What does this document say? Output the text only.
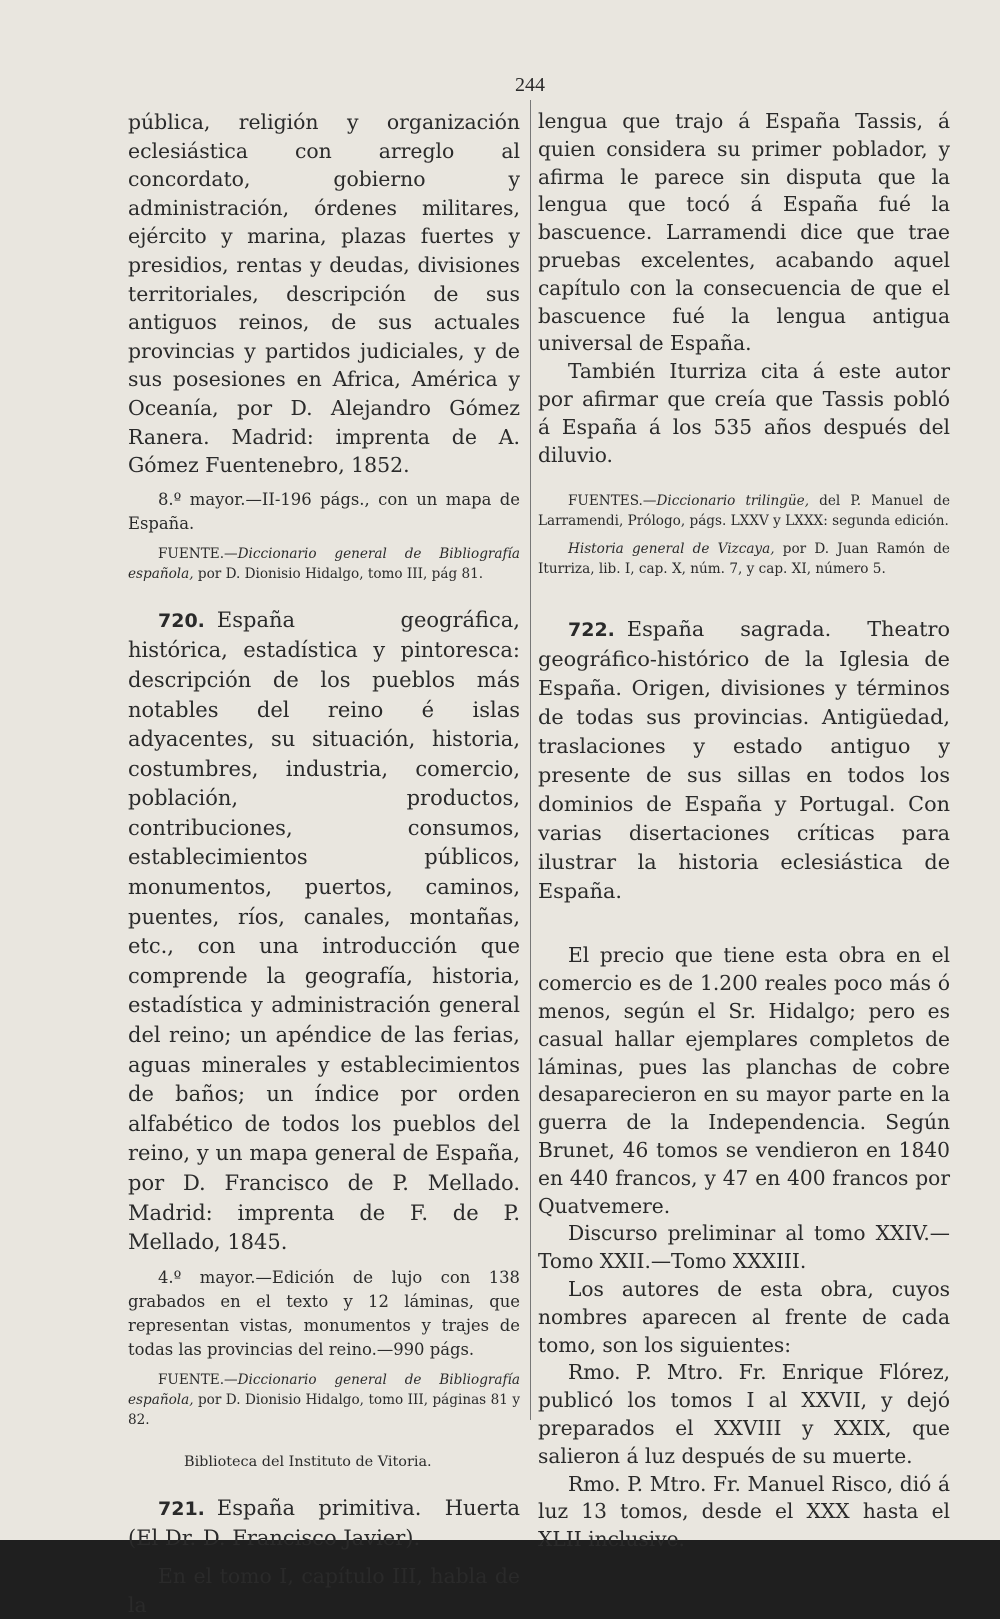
244

pública, religión y organización eclesiástica con arreglo al concordato, gobierno y administración, órdenes militares, ejército y marina, plazas fuertes y presidios, rentas y deudas, divisiones territoriales, descripción de sus antiguos reinos, de sus actuales provincias y partidos judiciales, y de sus posesiones en Africa, América y Oceanía, por D. Alejandro Gómez Ranera. Madrid: imprenta de A. Gómez Fuentenebro, 1852.

8.º mayor.—II-196 págs., con un mapa de España.

FUENTE.—Diccionario general de Bibliografía española, por D. Dionisio Hidalgo, tomo III, pág 81.

720. España geográfica, histórica, estadística y pintoresca: descripción de los pueblos más notables del reino é islas adyacentes, su situación, historia, costumbres, industria, comercio, población, productos, contribuciones, consumos, establecimientos públicos, monumentos, puertos, caminos, puentes, ríos, canales, montañas, etc., con una introducción que comprende la geografía, historia, estadística y administración general del reino; un apéndice de las ferias, aguas minerales y establecimientos de baños; un índice por orden alfabético de todos los pueblos del reino, y un mapa general de España, por D. Francisco de P. Mellado. Madrid: imprenta de F. de P. Mellado, 1845.

4.º mayor.—Edición de lujo con 138 grabados en el texto y 12 láminas, que representan vistas, monumentos y trajes de todas las provincias del reino.—990 págs.

FUENTE.—Diccionario general de Bibliografía española, por D. Dionisio Hidalgo, tomo III, páginas 81 y 82.

Biblioteca del Instituto de Vitoria.

721. España primitiva. Huerta (El Dr. D. Francisco Javier).

En el tomo I, capítulo III, habla de la

lengua que trajo á España Tassis, á quien considera su primer poblador, y afirma le parece sin disputa que la lengua que tocó á España fué la bascuence. Larramendi dice que trae pruebas excelentes, acabando aquel capítulo con la consecuencia de que el bascuence fué la lengua antigua universal de España.

También Iturriza cita á este autor por afirmar que creía que Tassis pobló á España á los 535 años después del diluvio.

FUENTES.—Diccionario trilingüe, del P. Manuel de Larramendi, Prólogo, págs. LXXV y LXXX: segunda edición.

Historia general de Vizcaya, por D. Juan Ramón de Iturriza, lib. I, cap. X, núm. 7, y cap. XI, número 5.

722. España sagrada. Theatro geográfico-histórico de la Iglesia de España. Origen, divisiones y términos de todas sus provincias. Antigüedad, traslaciones y estado antiguo y presente de sus sillas en todos los dominios de España y Portugal. Con varias disertaciones críticas para ilustrar la historia eclesiástica de España.

El precio que tiene esta obra en el comercio es de 1.200 reales poco más ó menos, según el Sr. Hidalgo; pero es casual hallar ejemplares completos de láminas, pues las planchas de cobre desaparecieron en su mayor parte en la guerra de la Independencia. Según Brunet, 46 tomos se vendieron en 1840 en 440 francos, y 47 en 400 francos por Quatvemere.

Discurso preliminar al tomo XXIV.—Tomo XXII.—Tomo XXXIII.

Los autores de esta obra, cuyos nombres aparecen al frente de cada tomo, son los siguientes:

Rmo. P. Mtro. Fr. Enrique Flórez, publicó los tomos I al XXVII, y dejó preparados el XXVIII y XXIX, que salieron á luz después de su muerte.

Rmo. P. Mtro. Fr. Manuel Risco, dió á luz 13 tomos, desde el XXX hasta el XLII inclusive.
